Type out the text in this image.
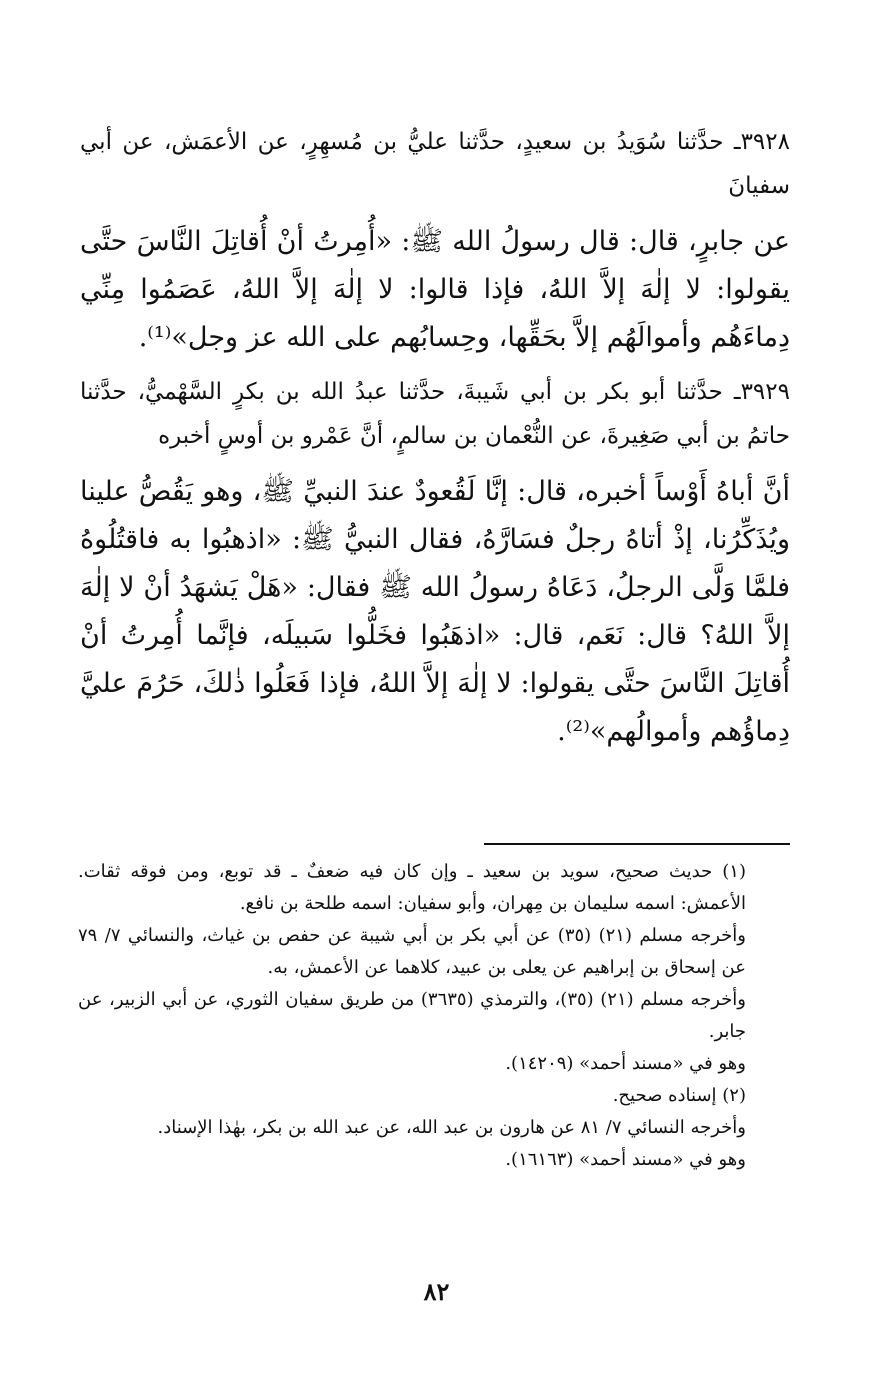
٣٩٢٨ـ حدَّثنا سُوَيدُ بن سعيدٍ، حدَّثنا عليُّ بن مُسهِرٍ، عن الأعمَش، عن أبي سفيانَ

عن جابرٍ، قال: قال رسولُ الله ﷺ: «أُمِرتُ أنْ أُقاتِلَ النَّاسَ حتَّى يقولوا: لا إلٰهَ إلاَّ اللهُ، فإذا قالوا: لا إلٰهَ إلاَّ اللهُ، عَصَمُوا مِنِّي دِماءَهُم وأموالَهُم إلاَّ بحَقِّها، وحِسابُهم على الله عز وجل»⁽¹⁾.

٣٩٢٩ـ حدَّثنا أبو بكر بن أبي شَيبةَ، حدَّثنا عبدُ الله بن بكرٍ السَّهْميُّ، حدَّثنا حاتمُ بن أبي صَغِيرةَ، عن النُّعْمان بن سالمٍ، أنَّ عَمْرو بن أوسٍ أخبره

أنَّ أباهُ أَوْساً أخبره، قال: إنَّا لَقُعودٌ عندَ النبيِّ ﷺ، وهو يَقُصُّ علينا ويُذَكِّرُنا، إذْ أتاهُ رجلٌ فسَارَّهُ، فقال النبيُّ ﷺ: «اذهبُوا به فاقتُلُوهُ فلمَّا وَلَّى الرجلُ، دَعَاهُ رسولُ الله ﷺ فقال: «هَلْ يَشهَدُ أنْ لا إلٰهَ إلاَّ اللهُ؟ قال: نَعَم، قال: «اذهَبُوا فخَلُّوا سَبيلَه، فإنَّما أُمِرتُ أنْ أُقاتِلَ النَّاسَ حتَّى يقولوا: لا إلٰهَ إلاَّ اللهُ، فإذا فَعَلُوا ذٰلكَ، حَرُمَ عليَّ دِماؤُهم وأموالُهم»⁽²⁾.

(١) حديث صحيح، سويد بن سعيد ـ وإن كان فيه ضعفٌ ـ قد توبع، ومن فوقه ثقات. الأعمش: اسمه سليمان بن مِهران، وأبو سفيان: اسمه طلحة بن نافع.

وأخرجه مسلم (٢١) (٣٥) عن أبي بكر بن أبي شيبة عن حفص بن غياث، والنسائي ٧/ ٧٩ عن إسحاق بن إبراهيم عن يعلى بن عبيد، كلاهما عن الأعمش، به.

وأخرجه مسلم (٢١) (٣٥)، والترمذي (٣٦٣٥) من طريق سفيان الثوري، عن أبي الزبير، عن جابر.

وهو في «مسند أحمد» (١٤٢٠٩).

(٢) إسناده صحيح.

وأخرجه النسائي ٧/ ٨١ عن هارون بن عبد الله، عن عبد الله بن بكر، بهٰذا الإسناد.

وهو في «مسند أحمد» (١٦١٦٣).

٨٢
